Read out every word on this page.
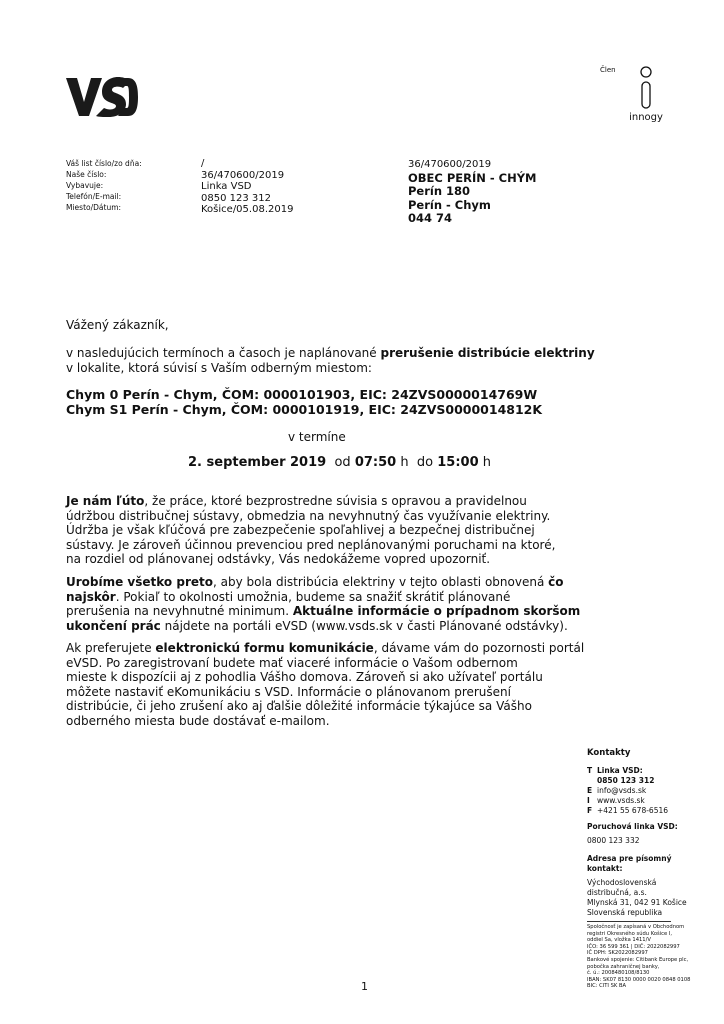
Člen
innogy
Váš list číslo/zo dňa:
Naše číslo:
Vybavuje:
Telefón/E-mail:
Miesto/Dátum:
/
36/470600/2019
Linka VSD
0850 123 312
Košice/05.08.2019
36/470600/2019
OBEC PERÍN - CHÝM
Perín 180
Perín - Chym
044 74
Vážený zákazník,
v nasledujúcich termínoch a časoch je naplánované prerušenie distribúcie elektriny
v lokalite, ktorá súvisí s Vaším odberným miestom:
Chym 0 Perín - Chym, ČOM: 0000101903, EIC: 24ZVS0000014769W
Chym S1 Perín - Chym, ČOM: 0000101919, EIC: 24ZVS0000014812K
v termíne
2. september 2019 od 07:50 h do 15:00 h
Je nám ľúto, že práce, ktoré bezprostredne súvisia s opravou a pravidelnou
údržbou distribučnej sústavy, obmedzia na nevyhnutný čas využívanie elektriny.
Údržba je však kľúčová pre zabezpečenie spoľahlivej a bezpečnej distribučnej
sústavy. Je zároveň účinnou prevenciou pred neplánovanými poruchami na ktoré,
na rozdiel od plánovanej odstávky, Vás nedokážeme vopred upozorniť.
Urobíme všetko preto, aby bola distribúcia elektriny v tejto oblasti obnovená čo
najskôr. Pokiaľ to okolnosti umožnia, budeme sa snažiť skrátiť plánované
prerušenia na nevyhnutné minimum. Aktuálne informácie o prípadnom skoršom
ukončení prác nájdete na portáli eVSD (www.vsds.sk v časti Plánované odstávky).
Ak preferujete elektronickú formu komunikácie, dávame vám do pozornosti portál
eVSD. Po zaregistrovaní budete mať viaceré informácie o Vašom odbernom
mieste k dispozícii aj z pohodlia Vášho domova. Zároveň si ako užívateľ portálu
môžete nastaviť eKomunikáciu s VSD. Informácie o plánovanom prerušení
distribúcie, či jeho zrušení ako aj ďalšie dôležité informácie týkajúce sa Vášho
odberného miesta bude dostávať e-mailom.
Kontakty
T Linka VSD:
0850 123 312
E info@vsds.sk
I www.vsds.sk
F +421 55 678-6516
Poruchová linka VSD:
0800 123 332
Adresa pre písomný kontakt:
Východoslovenská
distribučná, a.s.
Mlynská 31, 042 91 Košice
Slovenská republika
Spoločnosť je zapísaná v Obchodnom
registri Okresného súdu Košice I,
oddiel Sa, vložka 1411/V
IČO: 36 599 361 | DIČ: 2022082997
IČ DPH: SK2022082997
Bankové spojenie: Citibank Europe plc,
pobočka zahraničnej banky,
č. ú.: 2008480108/8130
IBAN: SK07 8130 0000 0020 0848 0108
BIC: CITI SK BA
1
